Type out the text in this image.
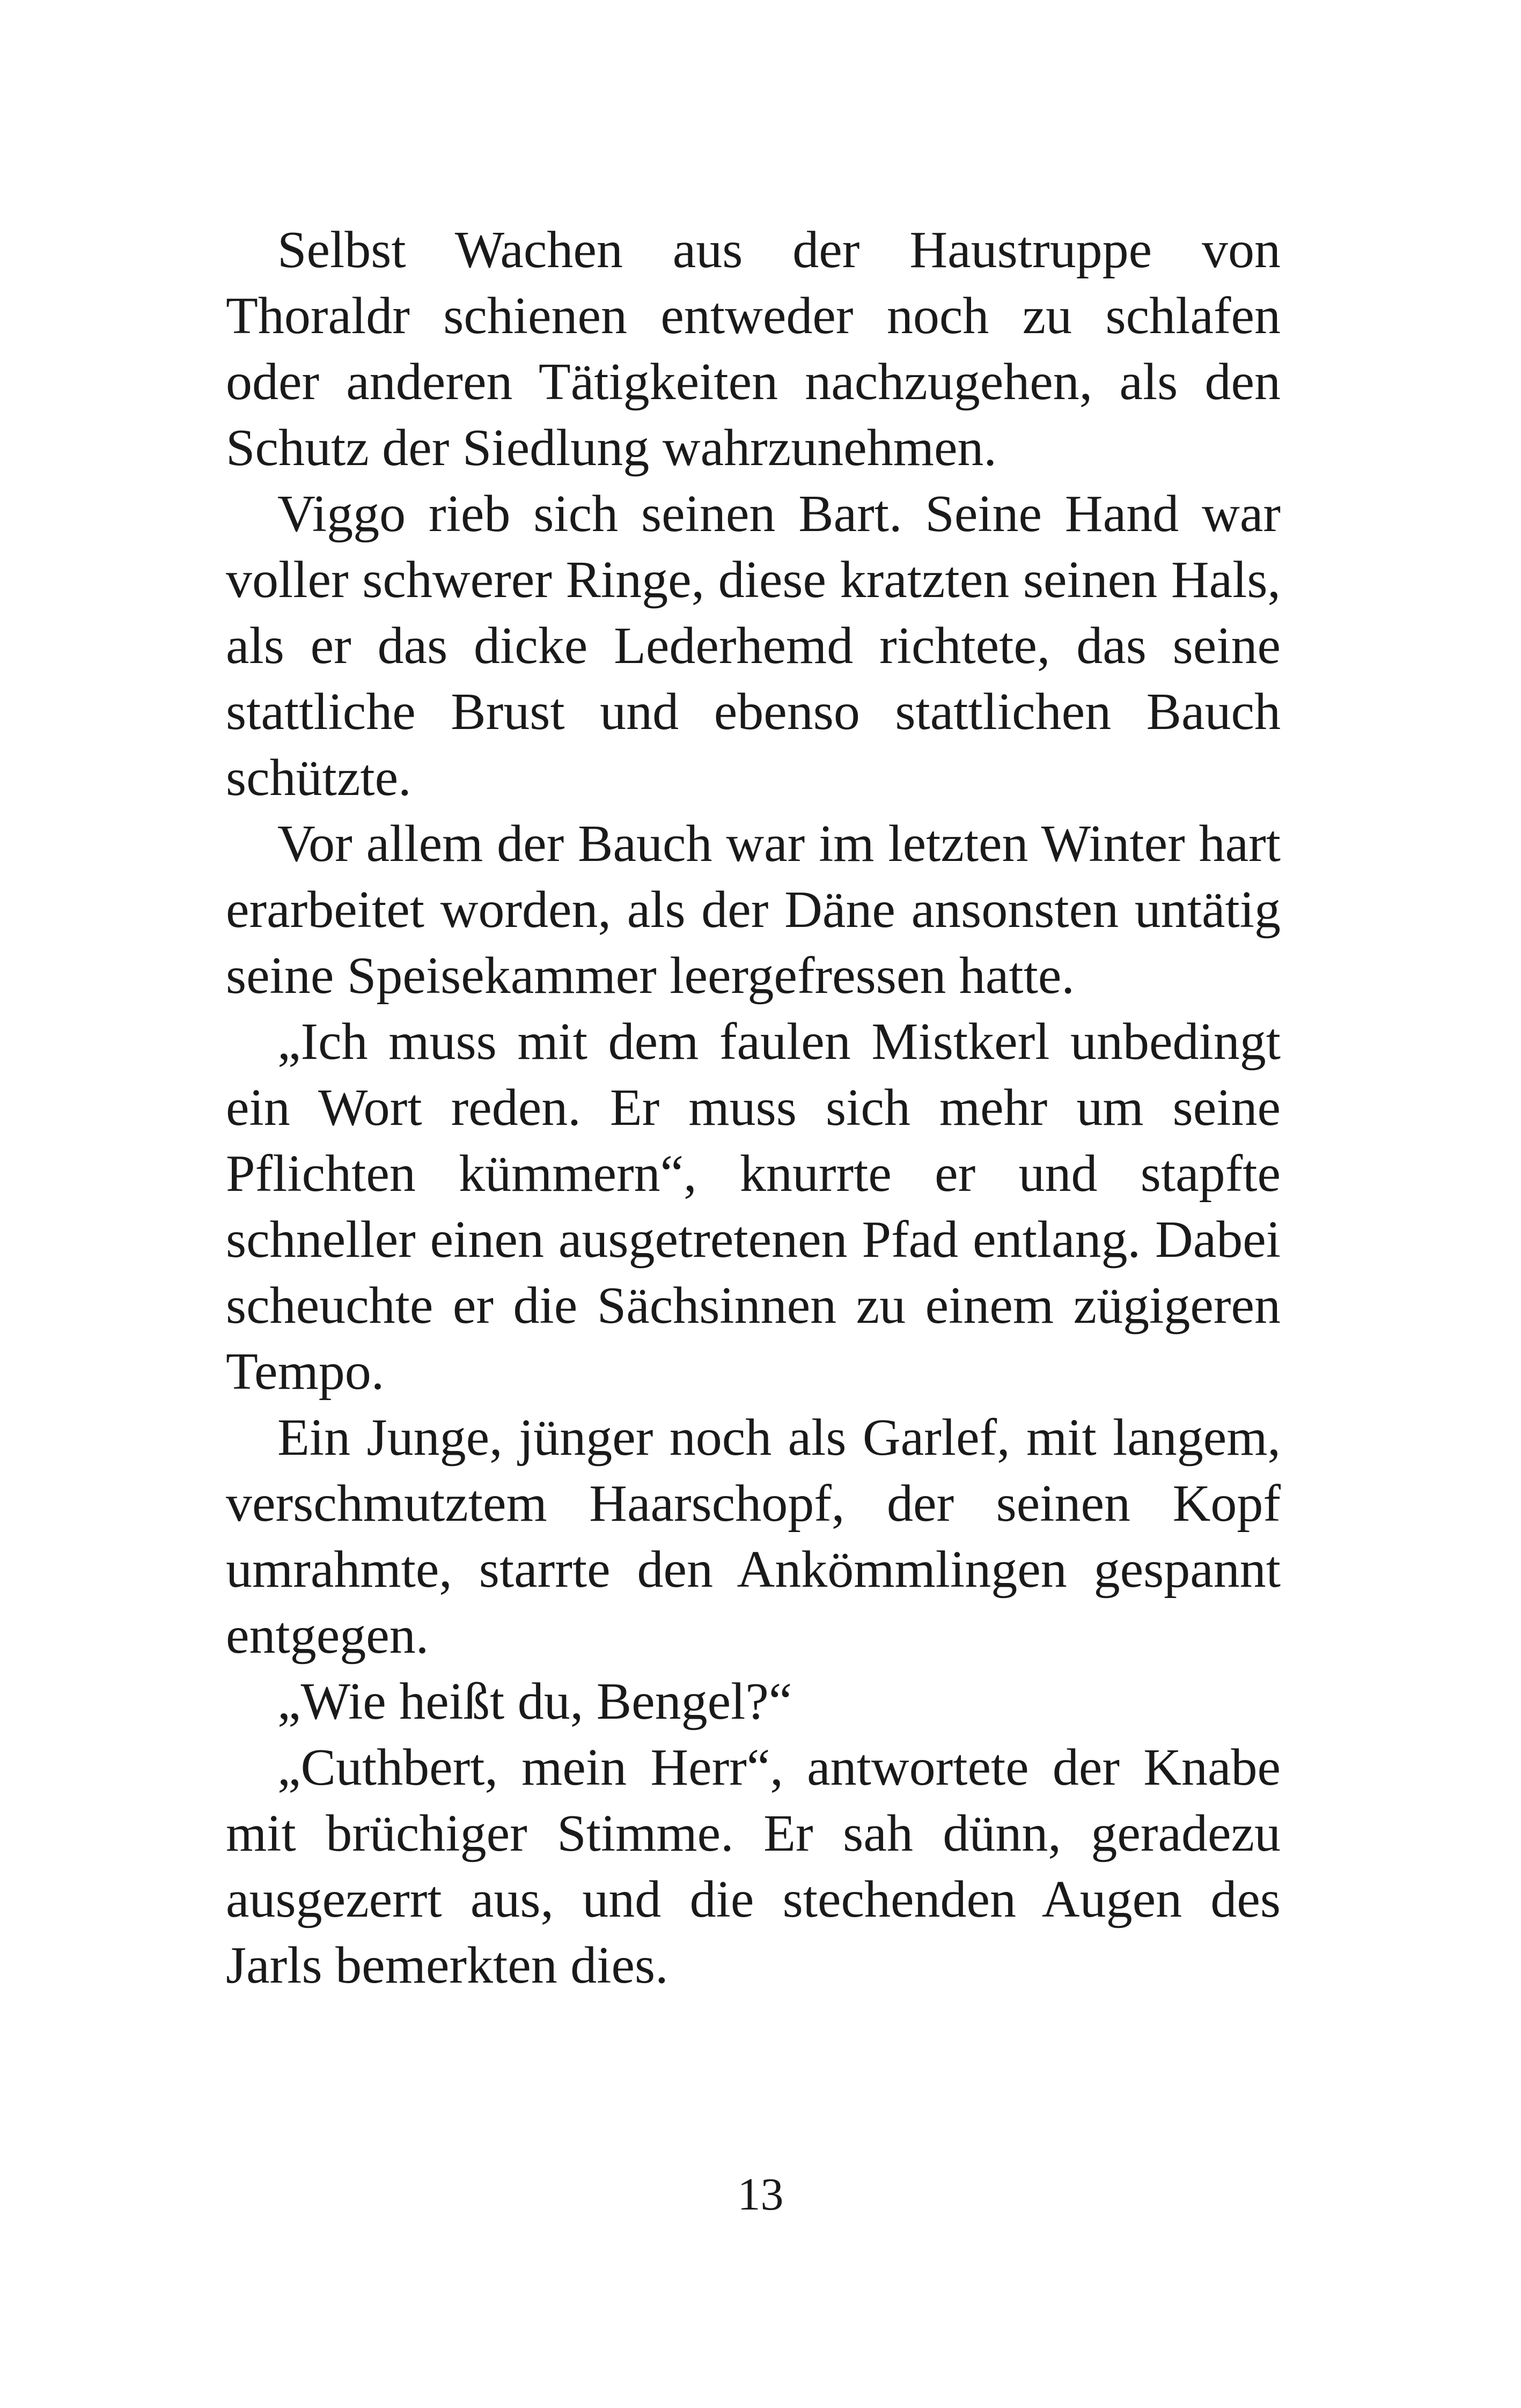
Selbst Wachen aus der Haustruppe von Thoraldr schienen entweder noch zu schlafen oder anderen Tätigkeiten nachzugehen, als den Schutz der Siedlung wahrzunehmen.

Viggo rieb sich seinen Bart. Seine Hand war voller schwerer Ringe, diese kratzten seinen Hals, als er das dicke Lederhemd richtete, das seine stattliche Brust und ebenso stattlichen Bauch schützte.

Vor allem der Bauch war im letzten Winter hart erarbeitet worden, als der Däne ansonsten untätig seine Speisekammer leergefressen hatte.

„Ich muss mit dem faulen Mistkerl unbedingt ein Wort reden. Er muss sich mehr um seine Pflichten kümmern“, knurrte er und stapfte schneller einen ausgetretenen Pfad entlang. Dabei scheuchte er die Sächsinnen zu einem zügigeren Tempo.

Ein Junge, jünger noch als Garlef, mit langem, verschmutztem Haarschopf, der seinen Kopf umrahmte, starrte den Ankömmlingen gespannt entgegen.

„Wie heißt du, Bengel?“

„Cuthbert, mein Herr“, antwortete der Knabe mit brüchiger Stimme. Er sah dünn, geradezu ausgezerrt aus, und die stechenden Augen des Jarls bemerkten dies.

13
